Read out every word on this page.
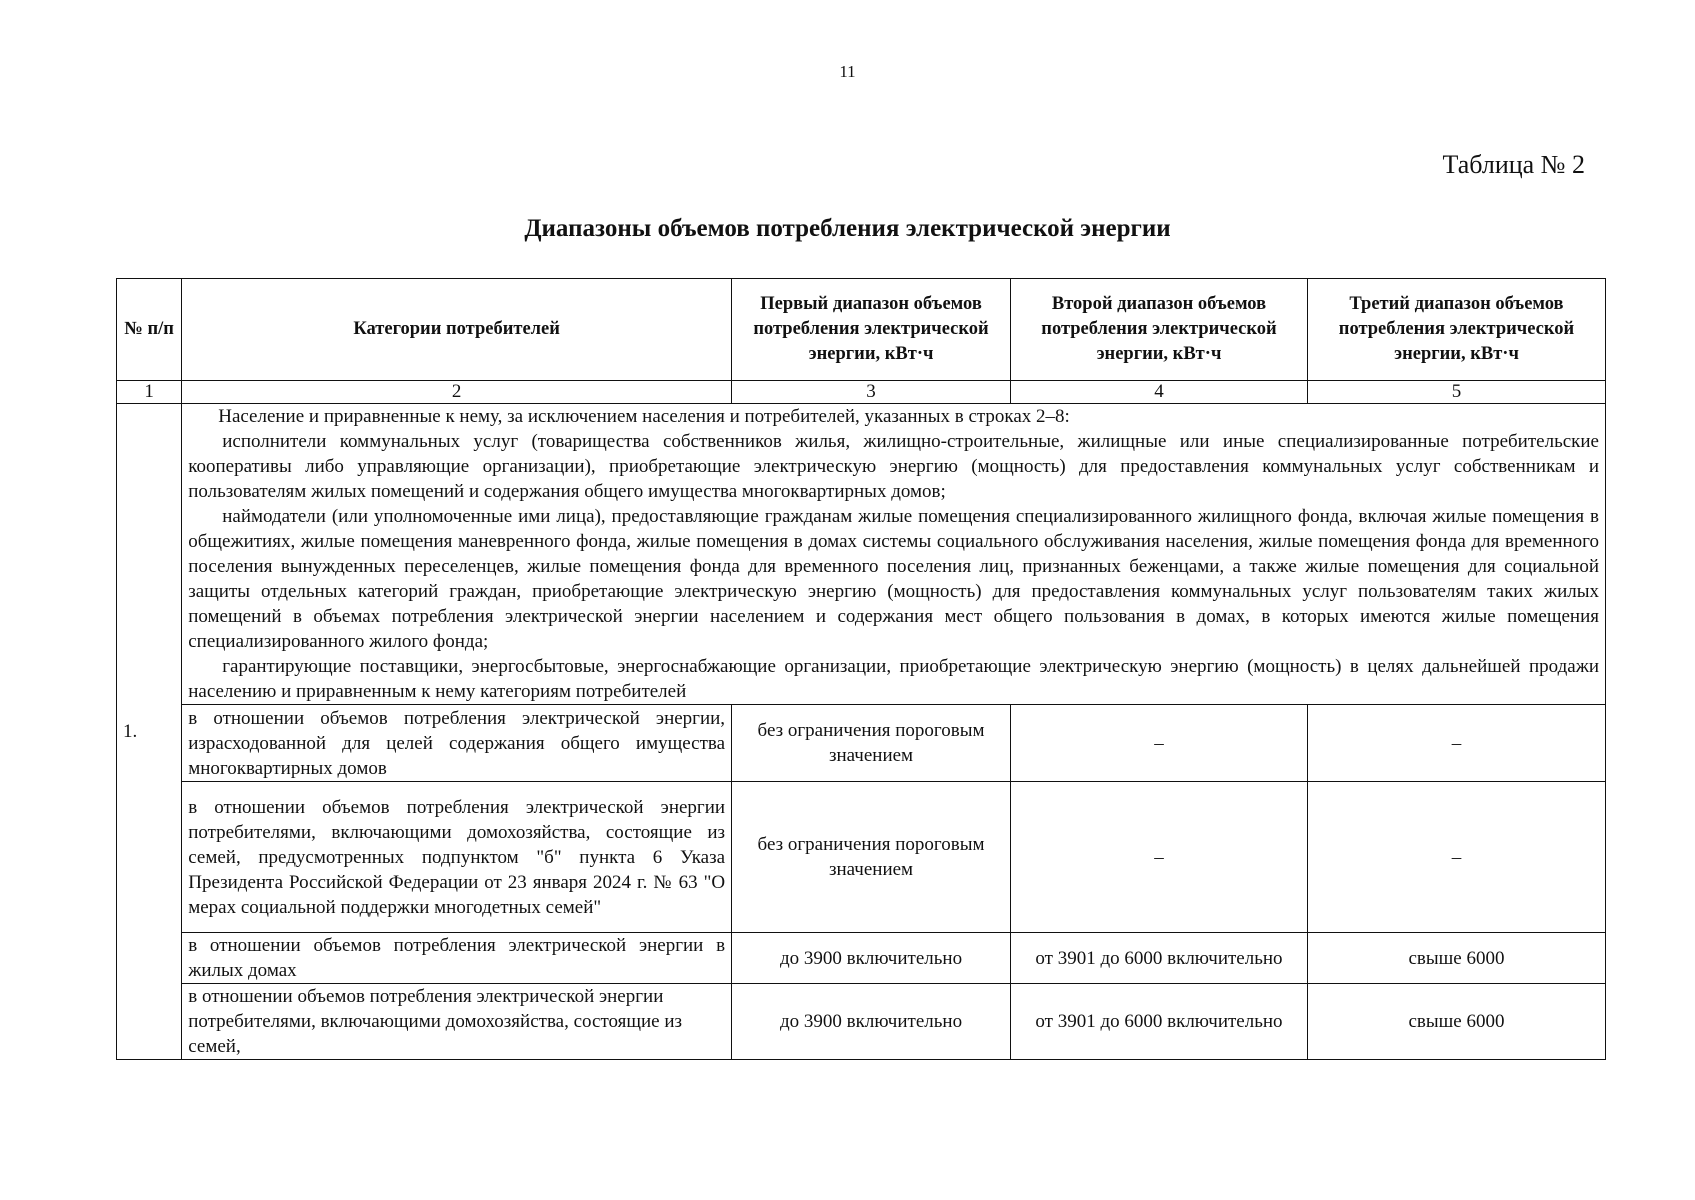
11
Таблица № 2
Диапазоны объемов потребления электрической энергии
№ п/п	Категории потребителей	Первый диапазон объемов потребления электрической энергии, кВт·ч	Второй диапазон объемов потребления электрической энергии, кВт·ч	Третий диапазон объемов потребления электрической энергии, кВт·ч
1	2	3	4	5
1.	Население и приравненные к нему, за исключением населения и потребителей, указанных в строках 2–8:

исполнители коммунальных услуг (товарищества собственников жилья, жилищно-строительные, жилищные или иные специализированные потребительские кооперативы либо управляющие организации), приобретающие электрическую энергию (мощность) для предоставления коммунальных услуг собственникам и пользователям жилых помещений и содержания общего имущества многоквартирных домов;

наймодатели (или уполномоченные ими лица), предоставляющие гражданам жилые помещения специализированного жилищного фонда, включая жилые помещения в общежитиях, жилые помещения маневренного фонда, жилые помещения в домах системы социального обслуживания населения, жилые помещения фонда для временного поселения вынужденных переселенцев, жилые помещения фонда для временного поселения лиц, признанных беженцами, а также жилые помещения для социальной защиты отдельных категорий граждан, приобретающие электрическую энергию (мощность) для предоставления коммунальных услуг пользователям таких жилых помещений в объемах потребления электрической энергии населением и содержания мест общего пользования в домах, в которых имеются жилые помещения специализированного жилого фонда;

гарантирующие поставщики, энергосбытовые, энергоснабжающие организации, приобретающие электрическую энергию (мощность) в целях дальнейшей продажи населению и приравненным к нему категориям потребителей			

	в отношении объемов потребления электрической энергии, израсходованной для целей содержания общего имущества многоквартирных домов	без ограничения пороговым значением	–	–
	в отношении объемов потребления электрической энергии потребителями, включающими домохозяйства, состоящие из семей, предусмотренных подпунктом "б" пункта 6 Указа Президента Российской Федерации от 23 января 2024 г. № 63 "О мерах социальной поддержки многодетных семей"	без ограничения пороговым значением	–	–
	в отношении объемов потребления электрической энергии в жилых домах	до 3900 включительно	от 3901 до 6000 включительно	свыше 6000
	в отношении объемов потребления электрической энергии потребителями, включающими домохозяйства, состоящие из семей,	до 3900 включительно	от 3901 до 6000 включительно	свыше 6000
